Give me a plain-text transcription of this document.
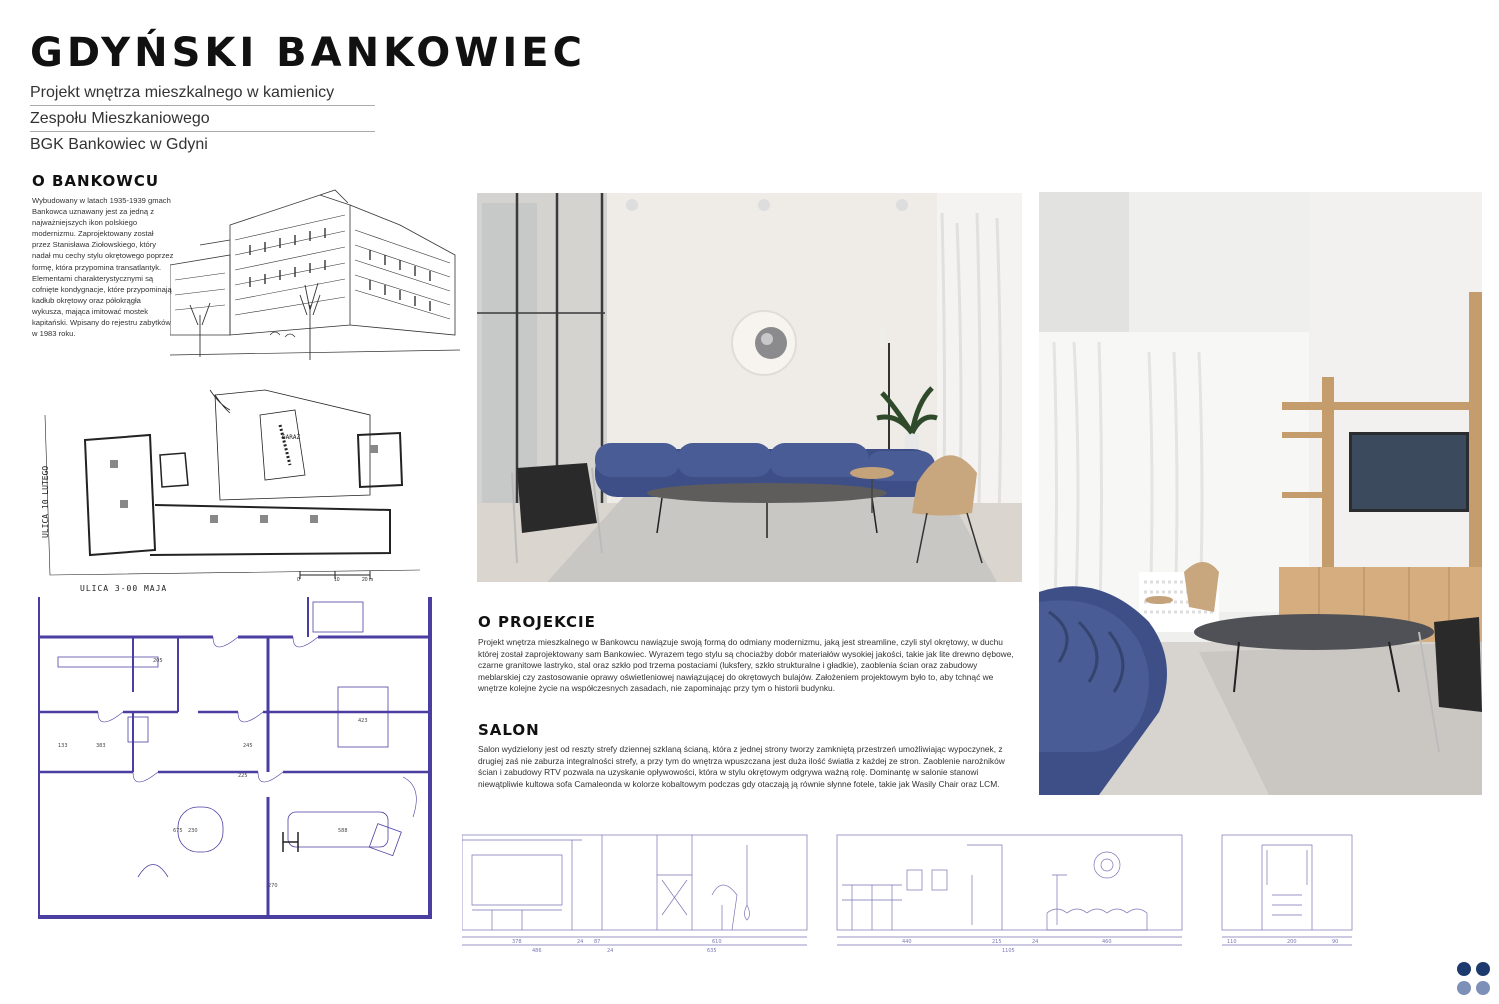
GDYŃSKI BANKOWIEC
Projekt wnętrza mieszkalnego w kamienicy
Zespołu Mieszkaniowego
BGK Bankowiec w Gdyni
O BANKOWCU
Wybudowany w latach 1935-1939 gmach Bankowca uznawany jest za jedną z najważniejszych ikon polskiego modernizmu. Zaprojektowany został przez Stanisława Ziołowskiego, który nadał mu cechy stylu okrętowego poprzez formę, która przypomina transatlantyk. Elementami charakterystycznymi są cofnięte kondygnacje, które przypominają kadłub okrętowy oraz półokrągła wykusza, mająca imitować mostek kapitański. Wpisany do rejestru zabytków w 1983 roku.
ULICA 10 LUTEGO
ULICA 3-00 MAJA
GARAŻ
0	10	20 m
205
383
133
423
245
588
230
675
225
270
O PROJEKCIE
Projekt wnętrza mieszkalnego w Bankowcu nawiązuje swoją formą do odmiany modernizmu, jaką jest streamline, czyli styl okrętowy, w duchu której został zaprojektowany sam Bankowiec. Wyrazem tego stylu są chociażby dobór materiałów wysokiej jakości, takie jak lite drewno dębowe, czarne granitowe lastryko, stal oraz szkło pod trzema postaciami (luksfery, szkło strukturalne i gładkie), zaoblenia ścian oraz zabudowy meblarskiej czy zastosowanie oprawy oświetleniowej nawiązującej do okrętowych bulajów. Założeniem projektowym było to, aby tchnąć we wnętrze kolejne życie na współczesnych zasadach, nie zapominając przy tym o historii budynku.
SALON
Salon wydzielony jest od reszty strefy dziennej szklaną ścianą, która z jednej strony tworzy zamkniętą przestrzeń umożliwiając wypoczynek, z drugiej zaś nie zaburza integralności strefy, a przy tym do wnętrza wpuszczana jest duża ilość światła z każdej ze stron. Zaoblenie narożników ścian i zabudowy RTV pozwala na uzyskanie opływowości, która w stylu okrętowym odgrywa ważną rolę. Dominantę w salonie stanowi niewątpliwie kultowa sofa Camaleonda w kolorze kobaltowym podczas gdy otaczają ją równie słynne fotele, takie jak Wasily Chair oraz LCM.
378	24 87	610
486	24	635
440	215	24	460
1105
110	200	90
